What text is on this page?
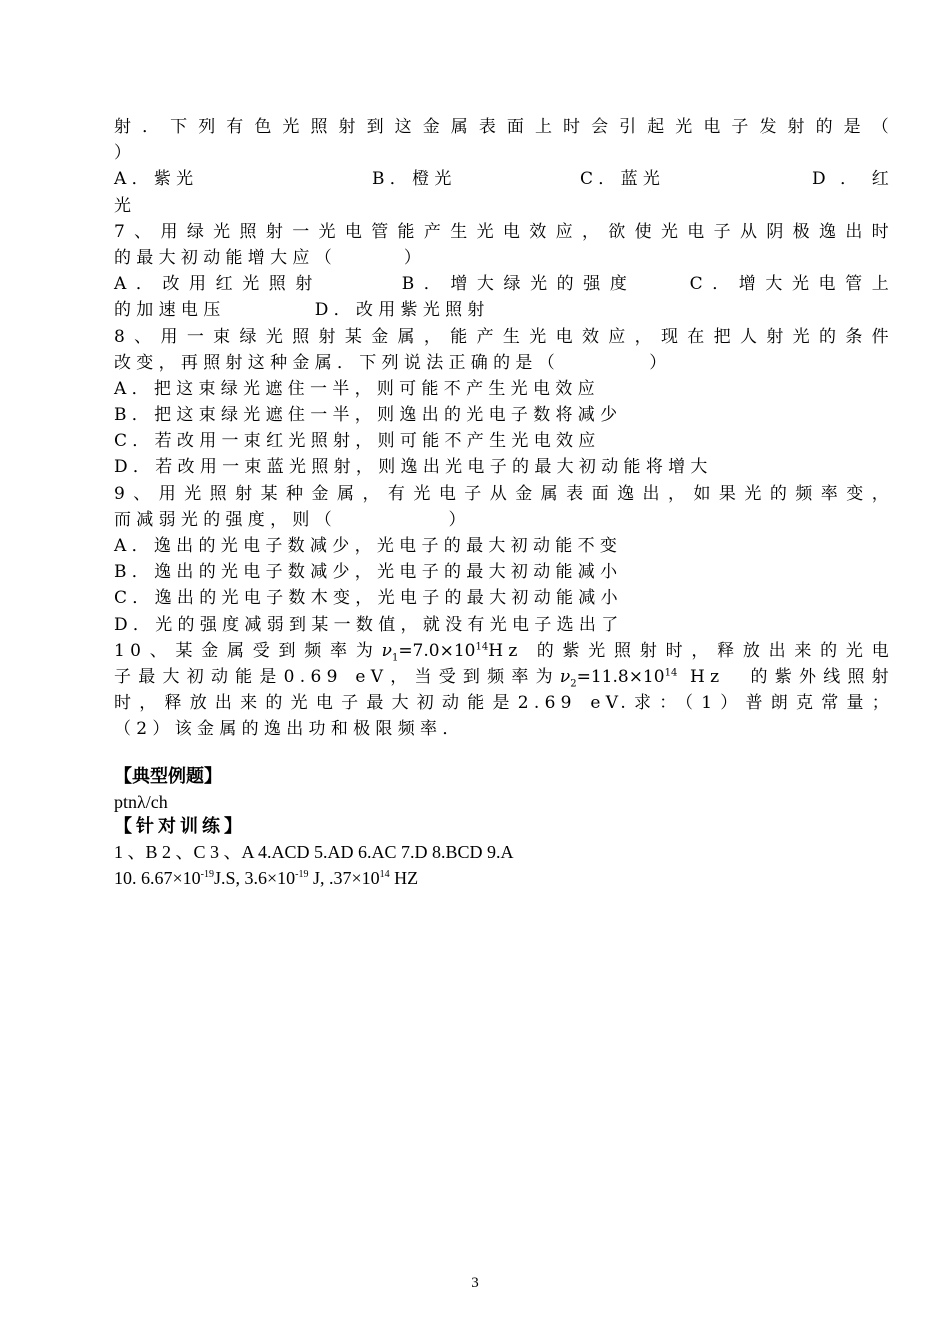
射．下列有色光照射到这金属表面上时会引起光电子发射的是（
）
A．紫光	B．橙光	C．蓝光	D．红
光
7、用绿光照射一光电管能产生光电效应，欲使光电子从阴极逸出时
的最大初动能增大应（　　　）
A．改用红光照射　　　B．增大绿光的强度　　C．增大光电管上
的加速电压　　　　D．改用紫光照射
8、用一束绿光照射某金属，能产生光电效应，现在把人射光的条件
改变，再照射这种金属．下列说法正确的是（　　　　）
A．把这束绿光遮住一半，则可能不产生光电效应
B．把这束绿光遮住一半，则逸出的光电子数将减少
C．若改用一束红光照射，则可能不产生光电效应
D．若改用一束蓝光照射，则逸出光电子的最大初动能将增大
9、用光照射某种金属，有光电子从金属表面逸出，如果光的频率变，
而减弱光的强度，则（　　　　　）
A．逸出的光电子数减少，光电子的最大初动能不变
B．逸出的光电子数减少，光电子的最大初动能减小
C．逸出的光电子数木变，光电子的最大初动能减小
D．光的强度减弱到某一数值，就没有光电子选出了
10、某金属受到频率为$\nu_1=7.0\times 10^{14}Hz$ 的紫光照射时，释放出来的光电
子最大初动能是0.69 eV，当受到频率为$\nu_2=11.8\times 10^{14}$ Hz　的紫外线照射
时，释放出来的光电子最大初动能是2.69 eV.求：（1）普朗克常量；
（2）该金属的逸出功和极限频率．
【典型例题】
ptnλ/ch
【针对训练】
1 、B 2 、C 3 、A 4.ACD 5.AD 6.AC 7.D 8.BCD 9.A
10. $6.67\times 10^{-19}J.S$, $3.6\times 10^{-19}$ J, $.37\times 10^{14}$ HZ
3
